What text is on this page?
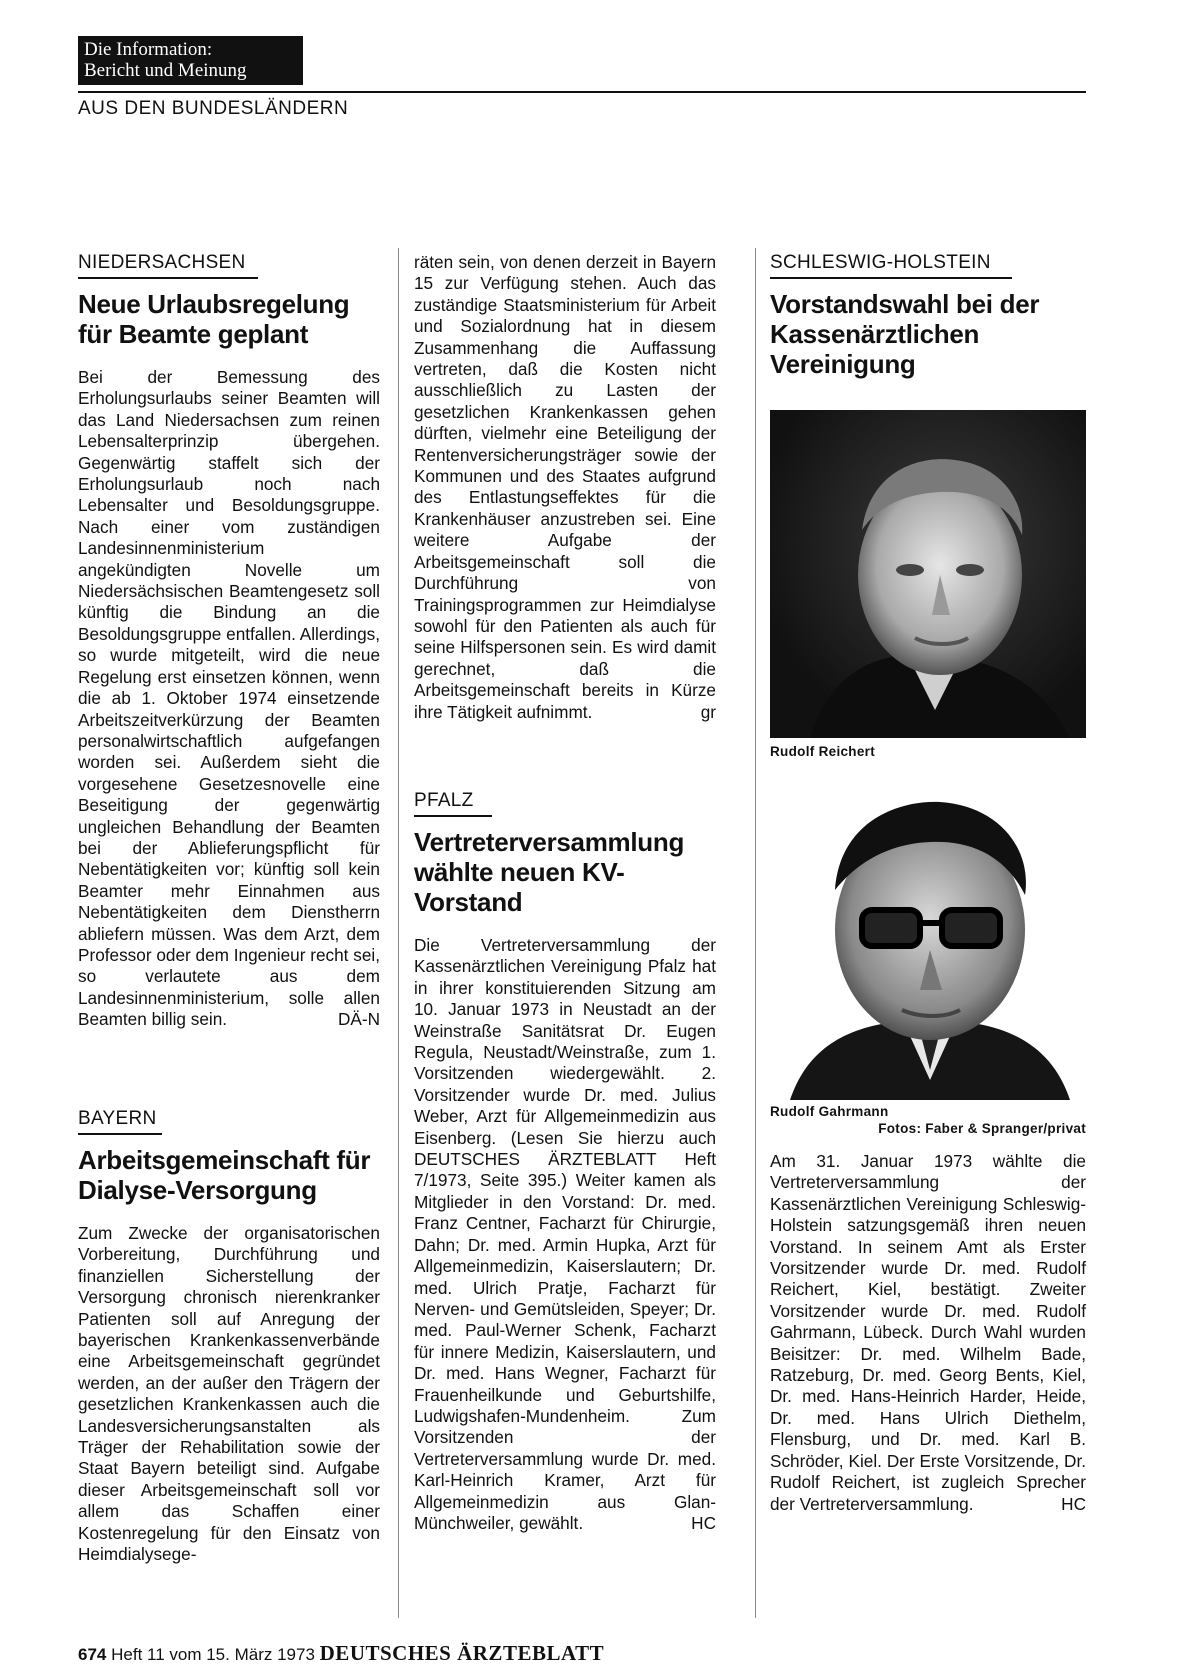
Die Information:
Bericht und Meinung
AUS DEN BUNDESLÄNDERN
NIEDERSACHSEN
Neue Urlaubsregelung für Beamte geplant

Bei der Bemessung des Erholungsurlaubs seiner Beamten will das Land Niedersachsen zum reinen Lebensalterprinzip übergehen. Gegenwärtig staffelt sich der Erholungsurlaub noch nach Lebensalter und Besoldungsgruppe. Nach einer vom zuständigen Landesinnenministerium angekündigten Novelle um Niedersächsischen Beamtengesetz soll künftig die Bindung an die Besoldungsgruppe entfallen. Allerdings, so wurde mitgeteilt, wird die neue Regelung erst einsetzen können, wenn die ab 1. Oktober 1974 einsetzende Arbeitszeitverkürzung der Beamten personalwirtschaftlich aufgefangen worden sei. Außerdem sieht die vorgesehene Gesetzesnovelle eine Beseitigung der gegenwärtig ungleichen Behandlung der Beamten bei der Ablieferungspflicht für Nebentätigkeiten vor; künftig soll kein Beamter mehr Einnahmen aus Nebentätigkeiten dem Dienstherrn abliefern müssen. Was dem Arzt, dem Professor oder dem Ingenieur recht sei, so verlautete aus dem Landesinnenministerium, solle allen Beamten billig sein.	DÄ-N

BAYERN
Arbeitsgemeinschaft für Dialyse-Versorgung

Zum Zwecke der organisatorischen Vorbereitung, Durchführung und finanziellen Sicherstellung der Versorgung chronisch nierenkranker Patienten soll auf Anregung der bayerischen Krankenkassenverbände eine Arbeitsgemeinschaft gegründet werden, an der außer den Trägern der gesetzlichen Krankenkassen auch die Landesversicherungsanstalten als Träger der Rehabilitation sowie der Staat Bayern beteiligt sind. Aufgabe dieser Arbeitsgemeinschaft soll vor allem das Schaffen einer Kostenregelung für den Einsatz von Heimdialysege-

räten sein, von denen derzeit in Bayern 15 zur Verfügung stehen. Auch das zuständige Staatsministerium für Arbeit und Sozialordnung hat in diesem Zusammenhang die Auffassung vertreten, daß die Kosten nicht ausschließlich zu Lasten der gesetzlichen Krankenkassen gehen dürften, vielmehr eine Beteiligung der Rentenversicherungsträger sowie der Kommunen und des Staates aufgrund des Entlastungseffektes für die Krankenhäuser anzustreben sei. Eine weitere Aufgabe der Arbeitsgemeinschaft soll die Durchführung von Trainingsprogrammen zur Heimdialyse sowohl für den Patienten als auch für seine Hilfspersonen sein. Es wird damit gerechnet, daß die Arbeitsgemeinschaft bereits in Kürze ihre Tätigkeit aufnimmt.	gr

PFALZ
Vertreterversammlung wählte neuen KV-Vorstand

Die Vertreterversammlung der Kassenärztlichen Vereinigung Pfalz hat in ihrer konstituierenden Sitzung am 10. Januar 1973 in Neustadt an der Weinstraße Sanitätsrat Dr. Eugen Regula, Neustadt/Weinstraße, zum 1. Vorsitzenden wiedergewählt. 2. Vorsitzender wurde Dr. med. Julius Weber, Arzt für Allgemeinmedizin aus Eisenberg. (Lesen Sie hierzu auch DEUTSCHES ÄRZTEBLATT Heft 7/1973, Seite 395.) Weiter kamen als Mitglieder in den Vorstand: Dr. med. Franz Centner, Facharzt für Chirurgie, Dahn; Dr. med. Armin Hupka, Arzt für Allgemeinmedizin, Kaiserslautern; Dr. med. Ulrich Pratje, Facharzt für Nerven- und Gemütsleiden, Speyer; Dr. med. Paul-Werner Schenk, Facharzt für innere Medizin, Kaiserslautern, und Dr. med. Hans Wegner, Facharzt für Frauenheilkunde und Geburtshilfe, Ludwigshafen-Mundenheim. Zum Vorsitzenden der Vertreterversammlung wurde Dr. med. Karl-Heinrich Kramer, Arzt für Allgemeinmedizin aus Glan-Münchweiler, gewählt.	HC

SCHLESWIG-HOLSTEIN
Vorstandswahl bei der Kassenärztlichen Vereinigung
Rudolf Reichert
Rudolf Gahrmann
Fotos: Faber & Spranger/privat

Am 31. Januar 1973 wählte die Vertreterversammlung der Kassenärztlichen Vereinigung Schleswig-Holstein satzungsgemäß ihren neuen Vorstand. In seinem Amt als Erster Vorsitzender wurde Dr. med. Rudolf Reichert, Kiel, bestätigt. Zweiter Vorsitzender wurde Dr. med. Rudolf Gahrmann, Lübeck. Durch Wahl wurden Beisitzer: Dr. med. Wilhelm Bade, Ratzeburg, Dr. med. Georg Bents, Kiel, Dr. med. Hans-Heinrich Harder, Heide, Dr. med. Hans Ulrich Diethelm, Flensburg, und Dr. med. Karl B. Schröder, Kiel. Der Erste Vorsitzende, Dr. Rudolf Reichert, ist zugleich Sprecher der Vertreterversammlung.	HC

674 Heft 11 vom 15. März 1973 DEUTSCHES ÄRZTEBLATT
